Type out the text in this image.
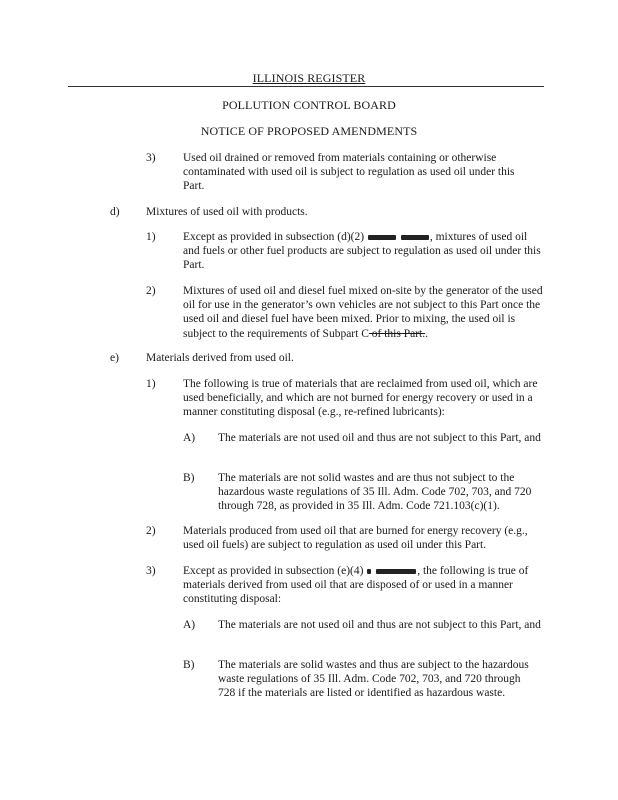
ILLINOIS REGISTER
POLLUTION CONTROL BOARD
NOTICE OF PROPOSED AMENDMENTS
3) Used oil drained or removed from materials containing or otherwise contaminated with used oil is subject to regulation as used oil under this Part.
d) Mixtures of used oil with products.
1) Except as provided in subsection (d)(2)	, mixtures of used oil and fuels or other fuel products are subject to regulation as used oil under this Part.
2) Mixtures of used oil and diesel fuel mixed on-site by the generator of the used oil for use in the generator’s own vehicles are not subject to this Part once the used oil and diesel fuel have been mixed. Prior to mixing, the used oil is subject to the requirements of Subpart C of this Part..
e) Materials derived from used oil.
1) The following is true of materials that are reclaimed from used oil, which are used beneficially, and which are not burned for energy recovery or used in a manner constituting disposal (e.g., re-refined lubricants):
A) The materials are not used oil and thus are not subject to this Part, and
B) The materials are not solid wastes and are thus not subject to the hazardous waste regulations of 35 Ill. Adm. Code 702, 703, and 720 through 728, as provided in 35 Ill. Adm. Code 721.103(c)(1).
2) Materials produced from used oil that are burned for energy recovery (e.g., used oil fuels) are subject to regulation as used oil under this Part.
3) Except as provided in subsection (e)(4)	, the following is true of materials derived from used oil that are disposed of or used in a manner constituting disposal:
A) The materials are not used oil and thus are not subject to this Part, and
B) The materials are solid wastes and thus are subject to the hazardous waste regulations of 35 Ill. Adm. Code 702, 703, and 720 through 728 if the materials are listed or identified as hazardous waste.
